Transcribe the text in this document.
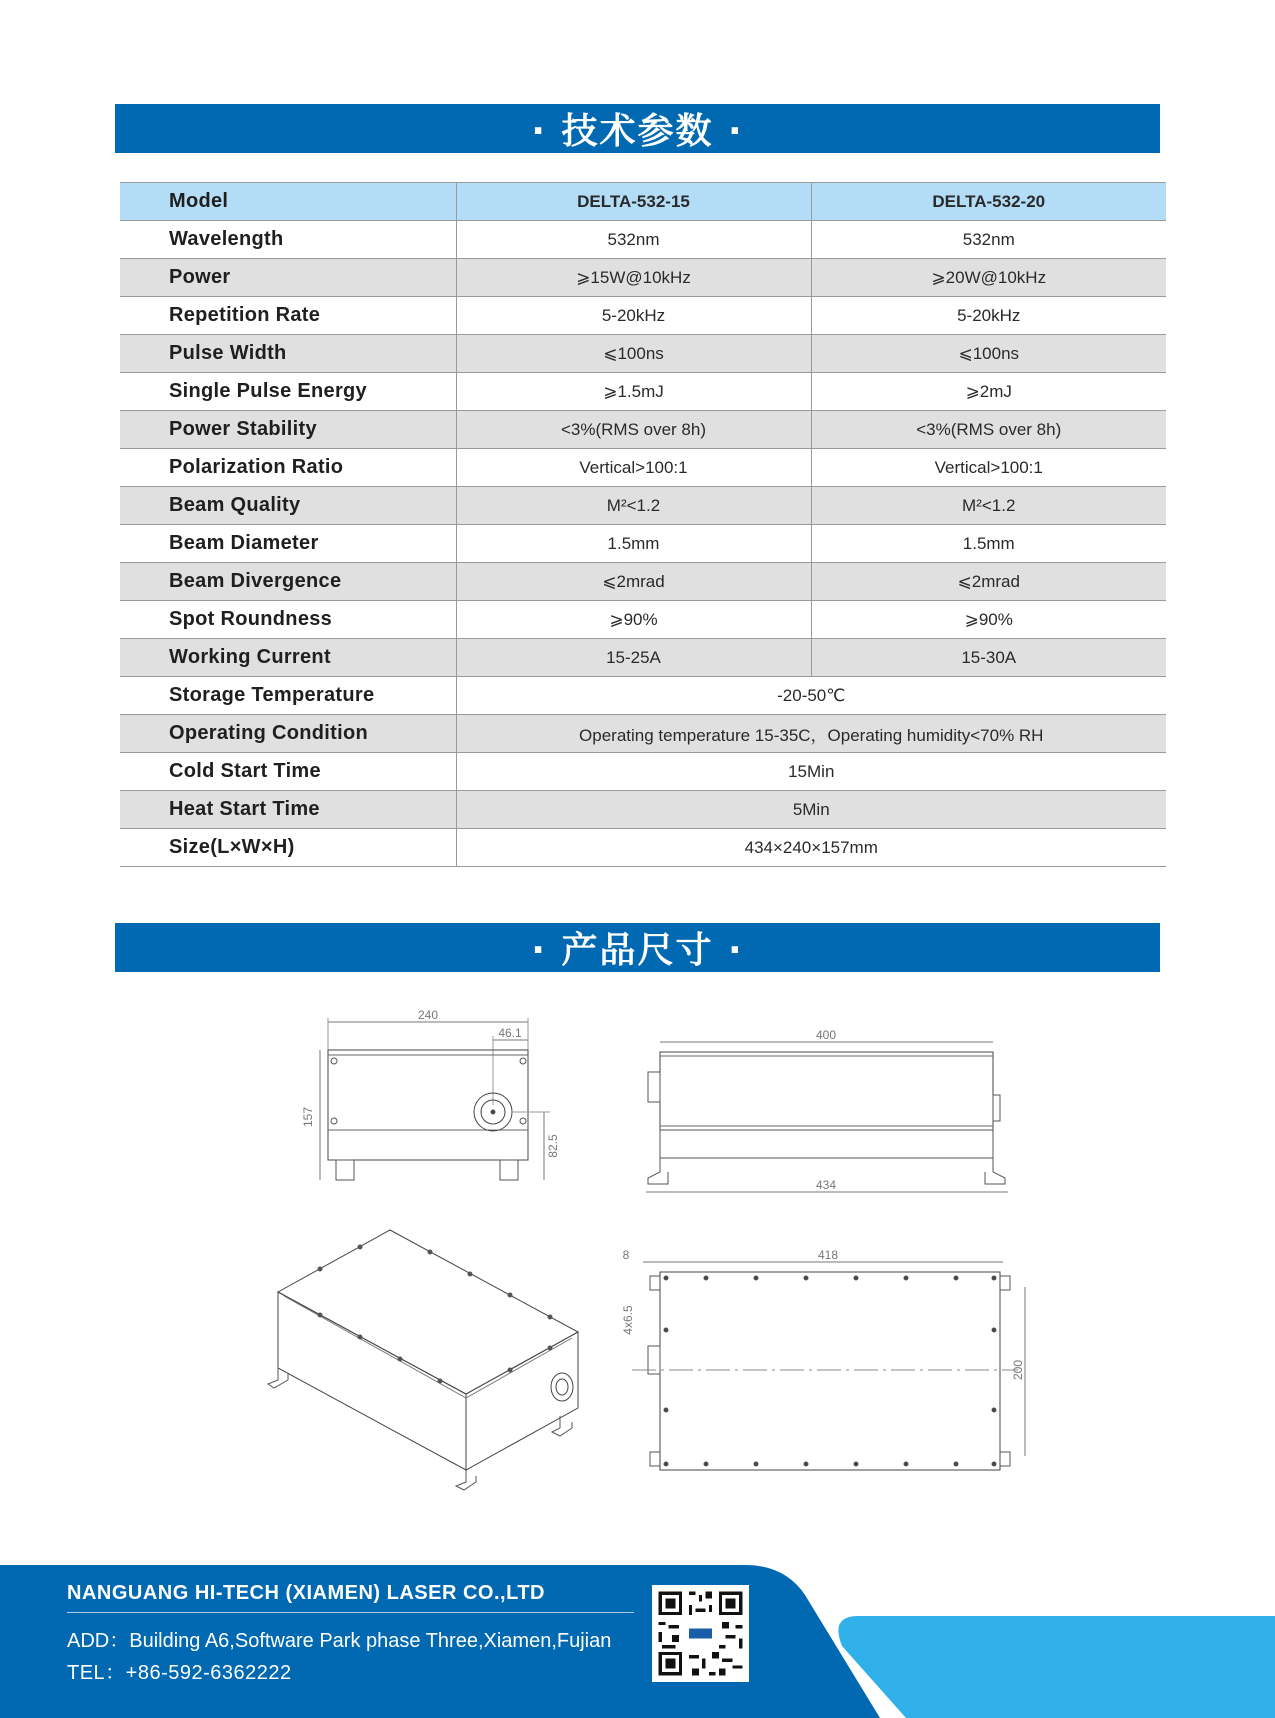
· 技术参数 ·
Model	DELTA-532-15	DELTA-532-20
Wavelength	532nm	532nm
Power	⩾15W@10kHz	⩾20W@10kHz
Repetition Rate	5-20kHz	5-20kHz
Pulse Width	⩽100ns	⩽100ns
Single Pulse Energy	⩾1.5mJ	⩾2mJ
Power Stability	<3%(RMS over 8h)	<3%(RMS over 8h)
Polarization Ratio	Vertical>100:1	Vertical>100:1
Beam Quality	M²<1.2	M²<1.2
Beam Diameter	1.5mm	1.5mm
Beam Divergence	⩽2mrad	⩽2mrad
Spot Roundness	⩾90%	⩾90%
Working Current	15-25A	15-30A
Storage Temperature	-20-50℃	
Operating Condition	Operating temperature 15-35C，Operating humidity<70% RH	
Cold Start Time	15Min	
Heat Start Time	5Min	
Size(L×W×H)	434×240×157mm	
· 产品尺寸 ·
240
46.1
157
82.5
400
434
418
8
200
4x6.5
NANGUANG HI-TECH (XIAMEN) LASER CO.,LTD
ADD：Building A6,Software Park phase Three,Xiamen,Fujian
TEL：+86-592-6362222
